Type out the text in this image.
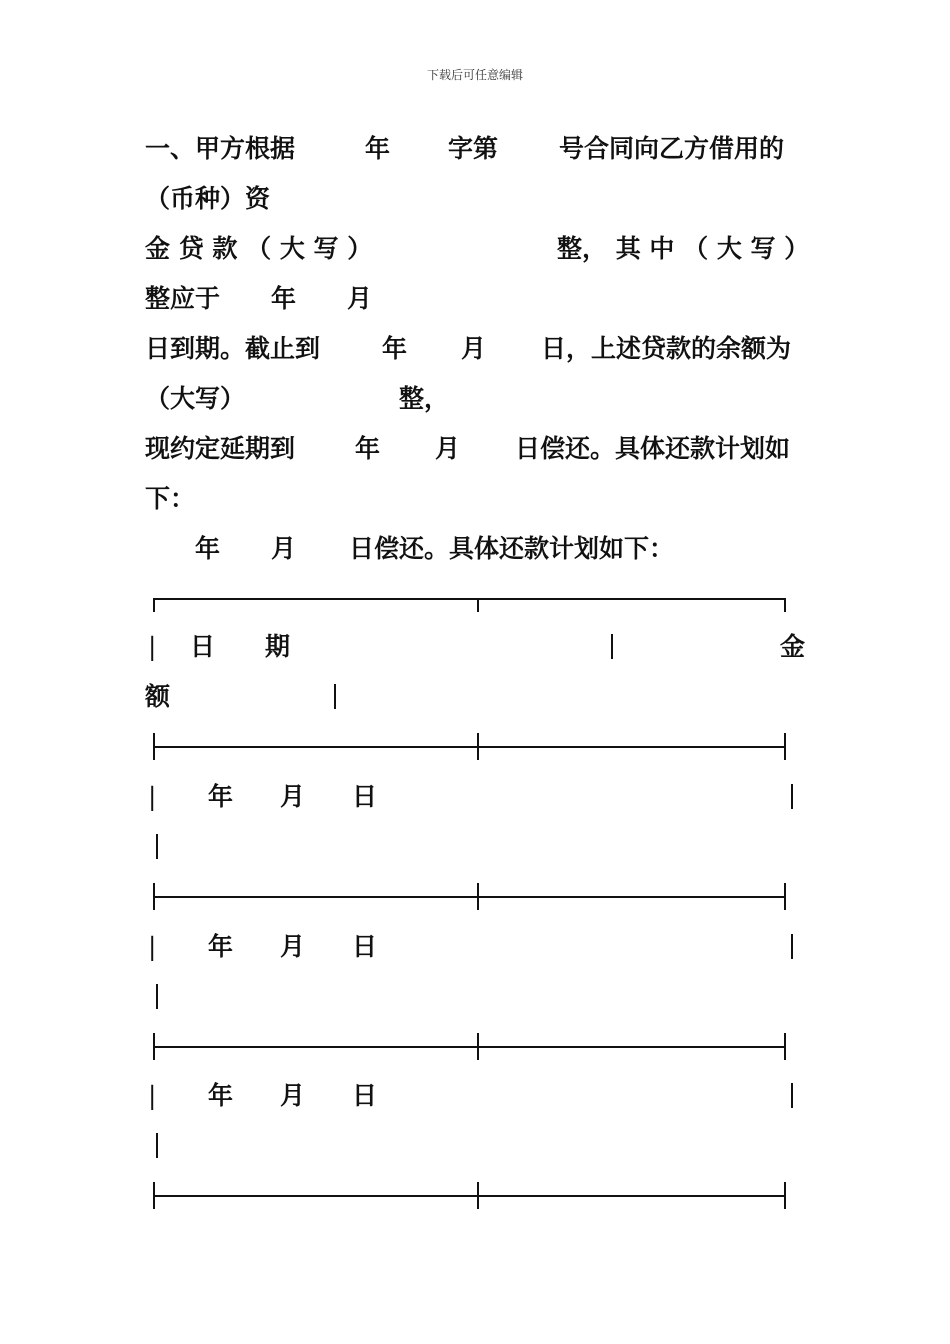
下载后可任意编辑
一、甲方根据	年 字第 号合同向乙方借用的
（币种）资
金 贷 款 （ 大 写 ）	整， 其 中 （ 大 写 ）
整应于 年 月
日到期。截止到 年 月 日，上述贷款的余额为
（大写）	整，
现约定延期到 年 月 日偿还。具体还款计划如
下：
年 月 日偿还。具体还款计划如下：
| 日　　期	金
额
| 年 月 日
| 年 月 日
| 年 月 日
